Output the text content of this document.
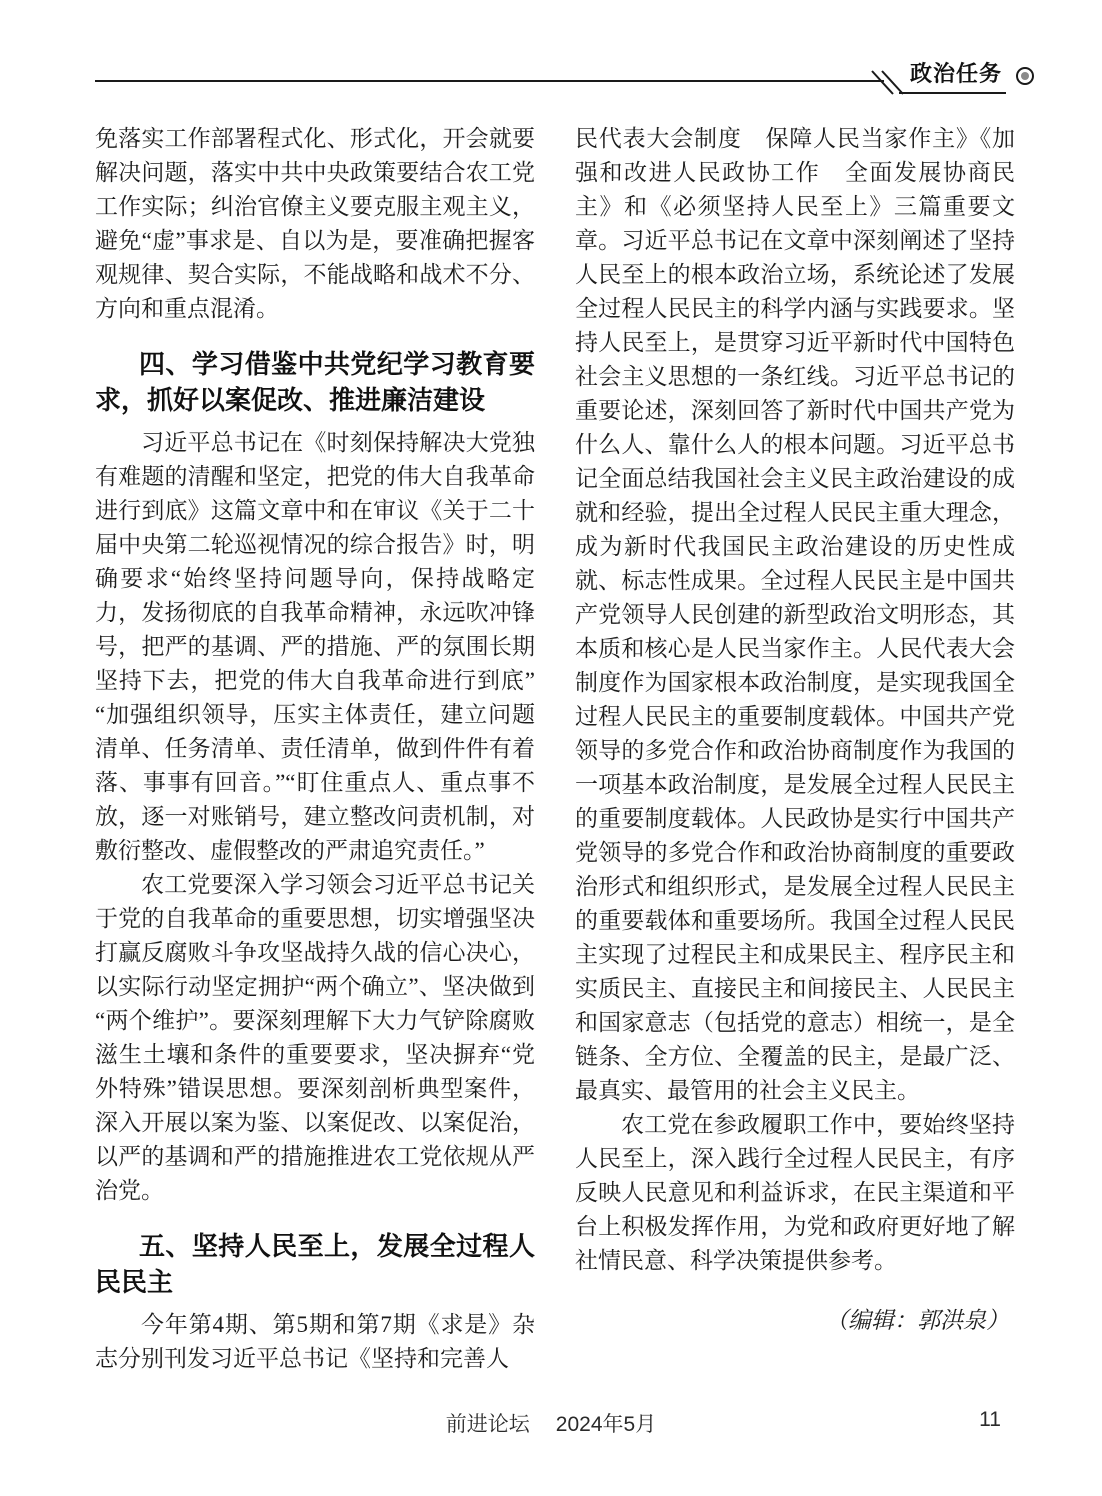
政治任务

免落实工作部署程式化、形式化，开会就要解决问题，落实中共中央政策要结合农工党工作实际；纠治官僚主义要克服主观主义，避免“虚”事求是、自以为是，要准确把握客观规律、契合实际，不能战略和战术不分、方向和重点混淆。

四、学习借鉴中共党纪学习教育要求，抓好以案促改、推进廉洁建设

习近平总书记在《时刻保持解决大党独有难题的清醒和坚定，把党的伟大自我革命进行到底》这篇文章中和在审议《关于二十届中央第二轮巡视情况的综合报告》时，明确要求“始终坚持问题导向，保持战略定力，发扬彻底的自我革命精神，永远吹冲锋号，把严的基调、严的措施、严的氛围长期坚持下去，把党的伟大自我革命进行到底”“加强组织领导，压实主体责任，建立问题清单、任务清单、责任清单，做到件件有着落、事事有回音。”“盯住重点人、重点事不放，逐一对账销号，建立整改问责机制，对敷衍整改、虚假整改的严肃追究责任。”

农工党要深入学习领会习近平总书记关于党的自我革命的重要思想，切实增强坚决打赢反腐败斗争攻坚战持久战的信心决心，以实际行动坚定拥护“两个确立”、坚决做到“两个维护”。要深刻理解下大力气铲除腐败滋生土壤和条件的重要要求，坚决摒弃“党外特殊”错误思想。要深刻剖析典型案件，深入开展以案为鉴、以案促改、以案促治，以严的基调和严的措施推进农工党依规从严治党。

五、坚持人民至上，发展全过程人民民主

今年第4期、第5期和第7期《求是》杂志分别刊发习近平总书记《坚持和完善人

民代表大会制度　保障人民当家作主》《加强和改进人民政协工作　全面发展协商民主》和《必须坚持人民至上》三篇重要文章。习近平总书记在文章中深刻阐述了坚持人民至上的根本政治立场，系统论述了发展全过程人民民主的科学内涵与实践要求。坚持人民至上，是贯穿习近平新时代中国特色社会主义思想的一条红线。习近平总书记的重要论述，深刻回答了新时代中国共产党为什么人、靠什么人的根本问题。习近平总书记全面总结我国社会主义民主政治建设的成就和经验，提出全过程人民民主重大理念，成为新时代我国民主政治建设的历史性成就、标志性成果。全过程人民民主是中国共产党领导人民创建的新型政治文明形态，其本质和核心是人民当家作主。人民代表大会制度作为国家根本政治制度，是实现我国全过程人民民主的重要制度载体。中国共产党领导的多党合作和政治协商制度作为我国的一项基本政治制度，是发展全过程人民民主的重要制度载体。人民政协是实行中国共产党领导的多党合作和政治协商制度的重要政治形式和组织形式，是发展全过程人民民主的重要载体和重要场所。我国全过程人民民主实现了过程民主和成果民主、程序民主和实质民主、直接民主和间接民主、人民民主和国家意志（包括党的意志）相统一，是全链条、全方位、全覆盖的民主，是最广泛、最真实、最管用的社会主义民主。

农工党在参政履职工作中，要始终坚持人民至上，深入践行全过程人民民主，有序反映人民意见和利益诉求，在民主渠道和平台上积极发挥作用，为党和政府更好地了解社情民意、科学决策提供参考。

（编辑：郭洪泉）

前进论坛 2024年5月	11
